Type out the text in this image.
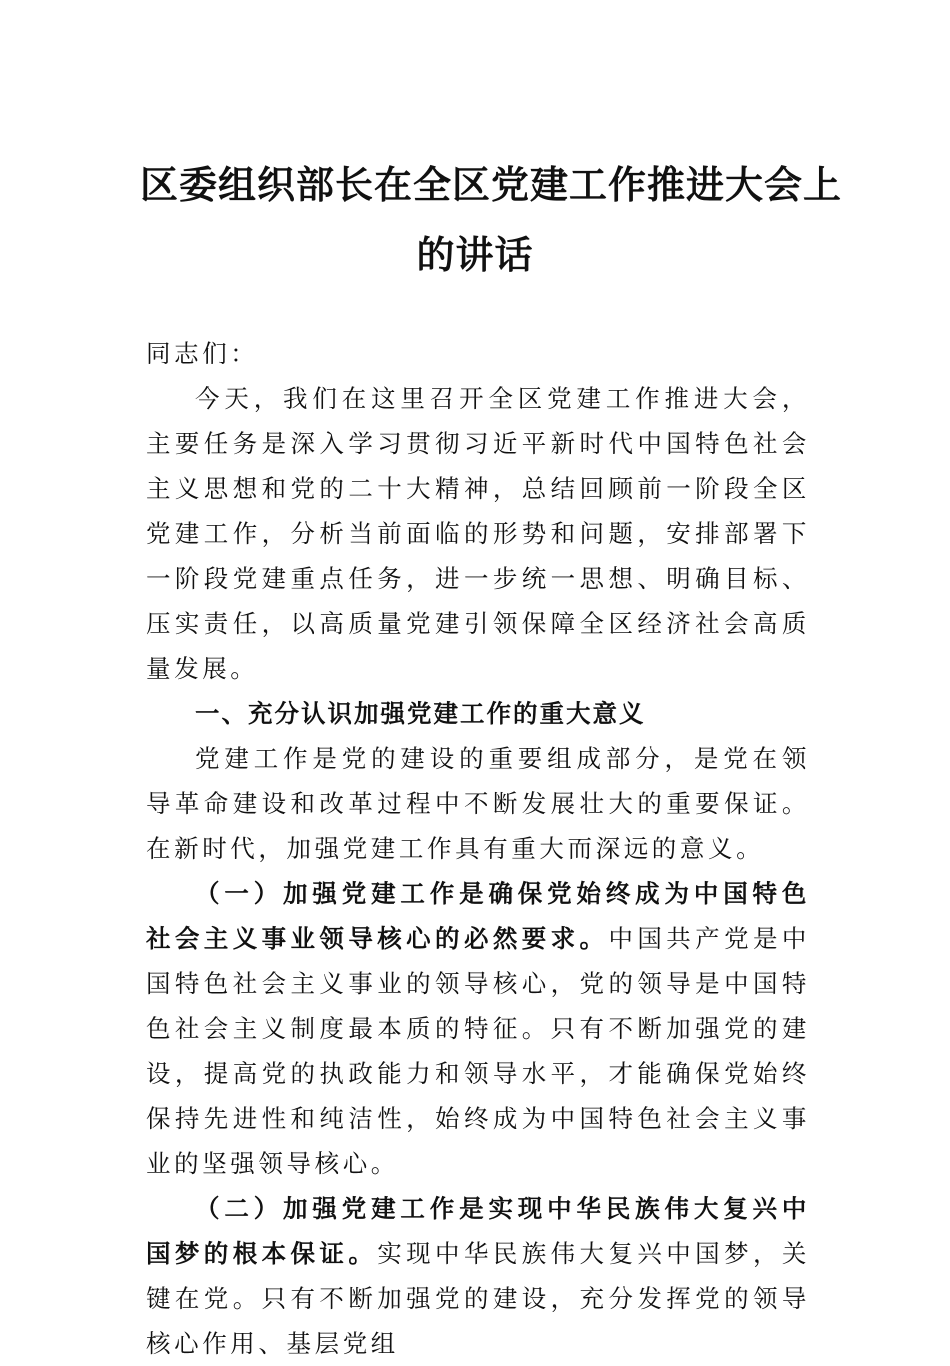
区委组织部长在全区党建工作推进大会上
的讲话

同志们：

今天，我们在这里召开全区党建工作推进大会，主要任务是深入学习贯彻习近平新时代中国特色社会主义思想和党的二十大精神，总结回顾前一阶段全区党建工作，分析当前面临的形势和问题，安排部署下一阶段党建重点任务，进一步统一思想、明确目标、压实责任，以高质量党建引领保障全区经济社会高质量发展。

一、充分认识加强党建工作的重大意义

党建工作是党的建设的重要组成部分，是党在领导革命建设和改革过程中不断发展壮大的重要保证。在新时代，加强党建工作具有重大而深远的意义。

（一）加强党建工作是确保党始终成为中国特色社会主义事业领导核心的必然要求。中国共产党是中国特色社会主义事业的领导核心，党的领导是中国特色社会主义制度最本质的特征。只有不断加强党的建设，提高党的执政能力和领导水平，才能确保党始终保持先进性和纯洁性，始终成为中国特色社会主义事业的坚强领导核心。

（二）加强党建工作是实现中华民族伟大复兴中国梦的根本保证。实现中华民族伟大复兴中国梦，关键在党。只有不断加强党的建设，充分发挥党的领导核心作用、基层党组
